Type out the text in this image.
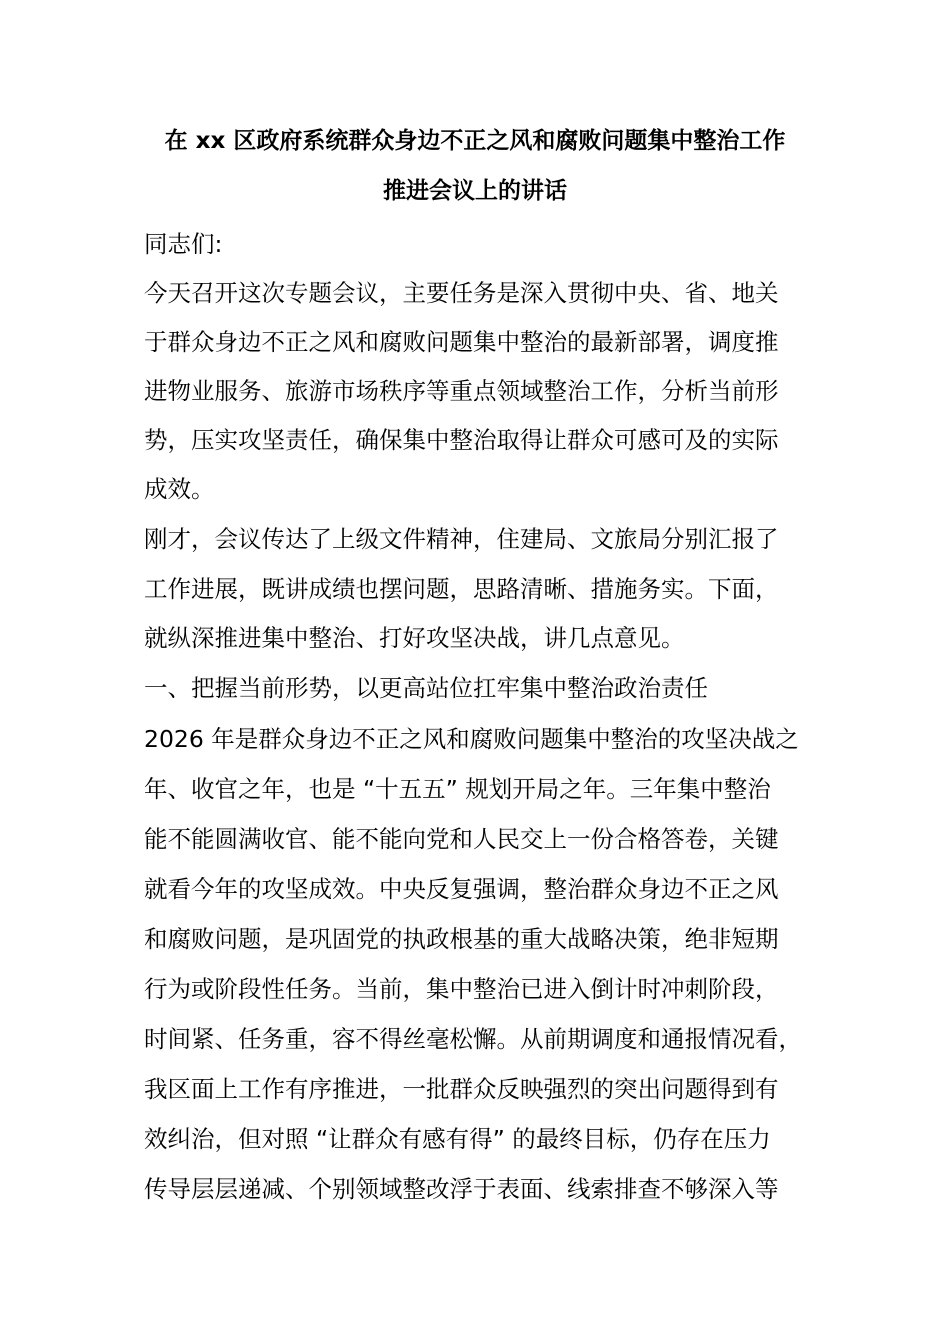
在 xx 区政府系统群众身边不正之风和腐败问题集中整治工作
推进会议上的讲话
同志们:
今天召开这次专题会议，主要任务是深入贯彻中央、省、地关
于群众身边不正之风和腐败问题集中整治的最新部署，调度推
进物业服务、旅游市场秩序等重点领域整治工作，分析当前形
势，压实攻坚责任，确保集中整治取得让群众可感可及的实际
成效。
刚才，会议传达了上级文件精神，住建局、文旅局分别汇报了
工作进展，既讲成绩也摆问题，思路清晰、措施务实。下面，
就纵深推进集中整治、打好攻坚决战，讲几点意见。
一、把握当前形势，以更高站位扛牢集中整治政治责任
2026 年是群众身边不正之风和腐败问题集中整治的攻坚决战之
年、收官之年，也是 “十五五” 规划开局之年。三年集中整治
能不能圆满收官、能不能向党和人民交上一份合格答卷，关键
就看今年的攻坚成效。中央反复强调，整治群众身边不正之风
和腐败问题，是巩固党的执政根基的重大战略决策，绝非短期
行为或阶段性任务。当前，集中整治已进入倒计时冲刺阶段，
时间紧、任务重，容不得丝毫松懈。从前期调度和通报情况看，
我区面上工作有序推进，一批群众反映强烈的突出问题得到有
效纠治，但对照 “让群众有感有得” 的最终目标，仍存在压力
传导层层递减、个别领域整改浮于表面、线索排查不够深入等
